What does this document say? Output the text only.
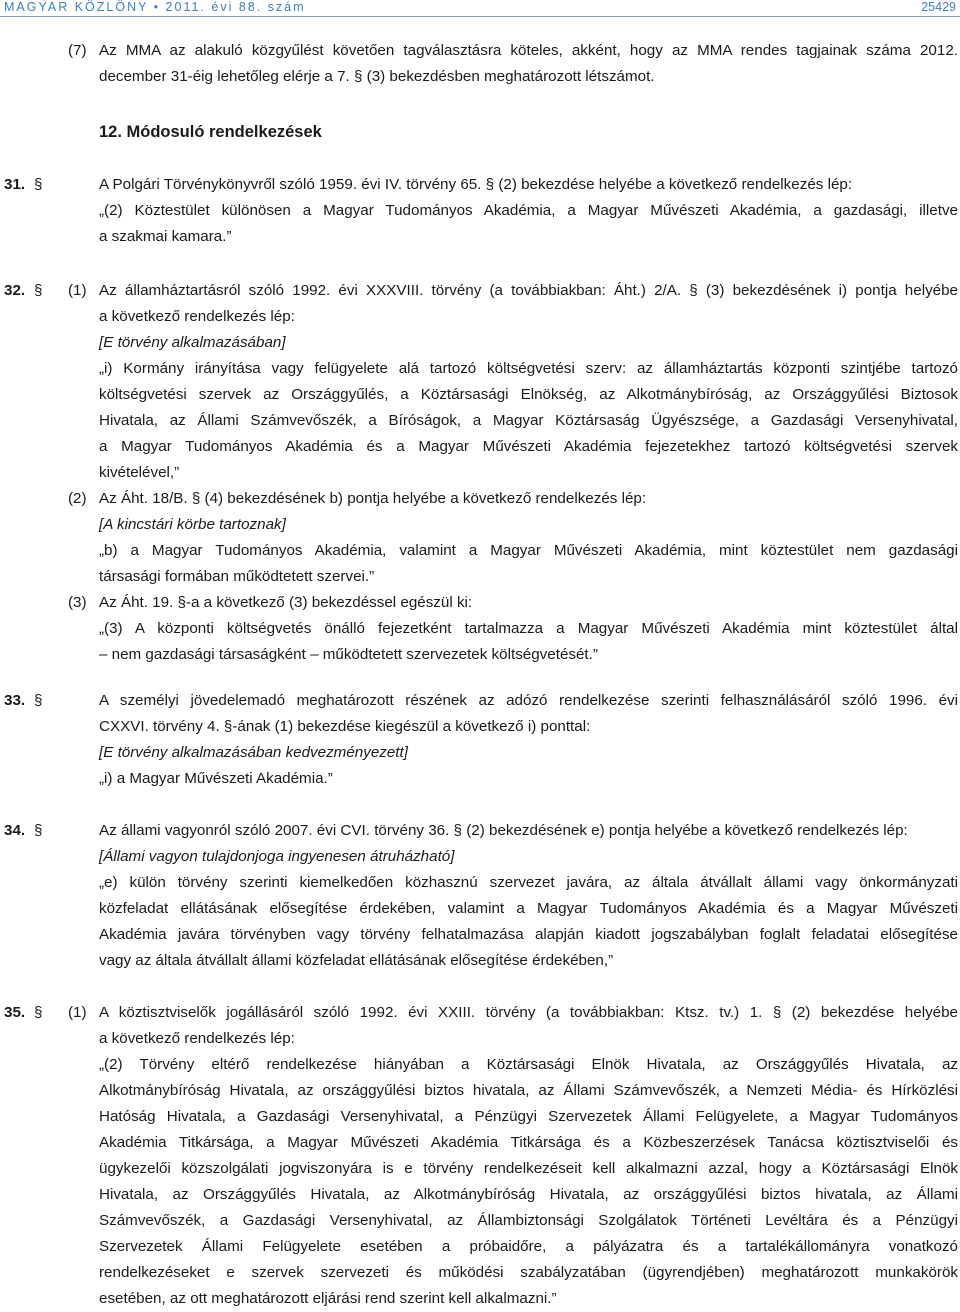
MAGYAR KÖZLÖNY • 2011. évi 88. szám	25429
(7) Az MMA az alakuló közgyűlést követően tagválasztásra köteles, akként, hogy az MMA rendes tagjainak száma 2012.
december 31-éig lehetőleg elérje a 7. § (3) bekezdésben meghatározott létszámot.
12. Módosuló rendelkezések
31. §	A Polgári Törvénykönyvről szóló 1959. évi IV. törvény 65. § (2) bekezdése helyébe a következő rendelkezés lép:
„(2) Köztestület különösen a Magyar Tudományos Akadémia, a Magyar Művészeti Akadémia, a gazdasági, illetve
a szakmai kamara.”
32. § (1) Az államháztartásról szóló 1992. évi XXXVIII. törvény (a továbbiakban: Áht.) 2/A. § (3) bekezdésének i) pontja helyébe
a következő rendelkezés lép:
[E törvény alkalmazásában]
„i) Kormány irányítása vagy felügyelete alá tartozó költségvetési szerv: az államháztartás központi szintjébe tartozó
költségvetési szervek az Országgyűlés, a Köztársasági Elnökség, az Alkotmánybíróság, az Országgyűlési Biztosok
Hivatala, az Állami Számvevőszék, a Bíróságok, a Magyar Köztársaság Ügyészsége, a Gazdasági Versenyhivatal,
a Magyar Tudományos Akadémia és a Magyar Művészeti Akadémia fejezetekhez tartozó költségvetési szervek
kivételével,”
(2) Az Áht. 18/B. § (4) bekezdésének b) pontja helyébe a következő rendelkezés lép:
[A kincstári körbe tartoznak]
„b) a Magyar Tudományos Akadémia, valamint a Magyar Művészeti Akadémia, mint köztestület nem gazdasági
társasági formában működtetett szervei.”
(3) Az Áht. 19. §-a a következő (3) bekezdéssel egészül ki:
„(3) A központi költségvetés önálló fejezetként tartalmazza a Magyar Művészeti Akadémia mint köztestület által
– nem gazdasági társaságként – működtetett szervezetek költségvetését.”
33. §	A személyi jövedelemadó meghatározott részének az adózó rendelkezése szerinti felhasználásáról szóló 1996. évi
CXXVI. törvény 4. §-ának (1) bekezdése kiegészül a következő i) ponttal:
[E törvény alkalmazásában kedvezményezett]
„i) a Magyar Művészeti Akadémia.”
34. §	Az állami vagyonról szóló 2007. évi CVI. törvény 36. § (2) bekezdésének e) pontja helyébe a következő rendelkezés lép:
[Állami vagyon tulajdonjoga ingyenesen átruházható]
„e) külön törvény szerinti kiemelkedően közhasznú szervezet javára, az általa átvállalt állami vagy önkormányzati
közfeladat ellátásának elősegítése érdekében, valamint a Magyar Tudományos Akadémia és a Magyar Művészeti
Akadémia javára törvényben vagy törvény felhatalmazása alapján kiadott jogszabályban foglalt feladatai elősegítése
vagy az általa átvállalt állami közfeladat ellátásának elősegítése érdekében,”
35. § (1) A köztisztviselők jogállásáról szóló 1992. évi XXIII. törvény (a továbbiakban: Ktsz. tv.) 1. § (2) bekezdése helyébe
a következő rendelkezés lép:
„(2) Törvény eltérő rendelkezése hiányában a Köztársasági Elnök Hivatala, az Országgyűlés Hivatala, az
Alkotmánybíróság Hivatala, az országgyűlési biztos hivatala, az Állami Számvevőszék, a Nemzeti Média- és Hírközlési
Hatóság Hivatala, a Gazdasági Versenyhivatal, a Pénzügyi Szervezetek Állami Felügyelete, a Magyar Tudományos
Akadémia Titkársága, a Magyar Művészeti Akadémia Titkársága és a Közbeszerzések Tanácsa köztisztviselői és
ügykezelői közszolgálati jogviszonyára is e törvény rendelkezéseit kell alkalmazni azzal, hogy a Köztársasági Elnök
Hivatala, az Országgyűlés Hivatala, az Alkotmánybíróság Hivatala, az országgyűlési biztos hivatala, az Állami
Számvevőszék, a Gazdasági Versenyhivatal, az Állambiztonsági Szolgálatok Történeti Levéltára és a Pénzügyi
Szervezetek Állami Felügyelete esetében a próbaidőre, a pályázatra és a tartalékállományra vonatkozó
rendelkezéseket e szervek szervezeti és működési szabályzatában (ügyrendjében) meghatározott munkakörök
esetében, az ott meghatározott eljárási rend szerint kell alkalmazni.”
